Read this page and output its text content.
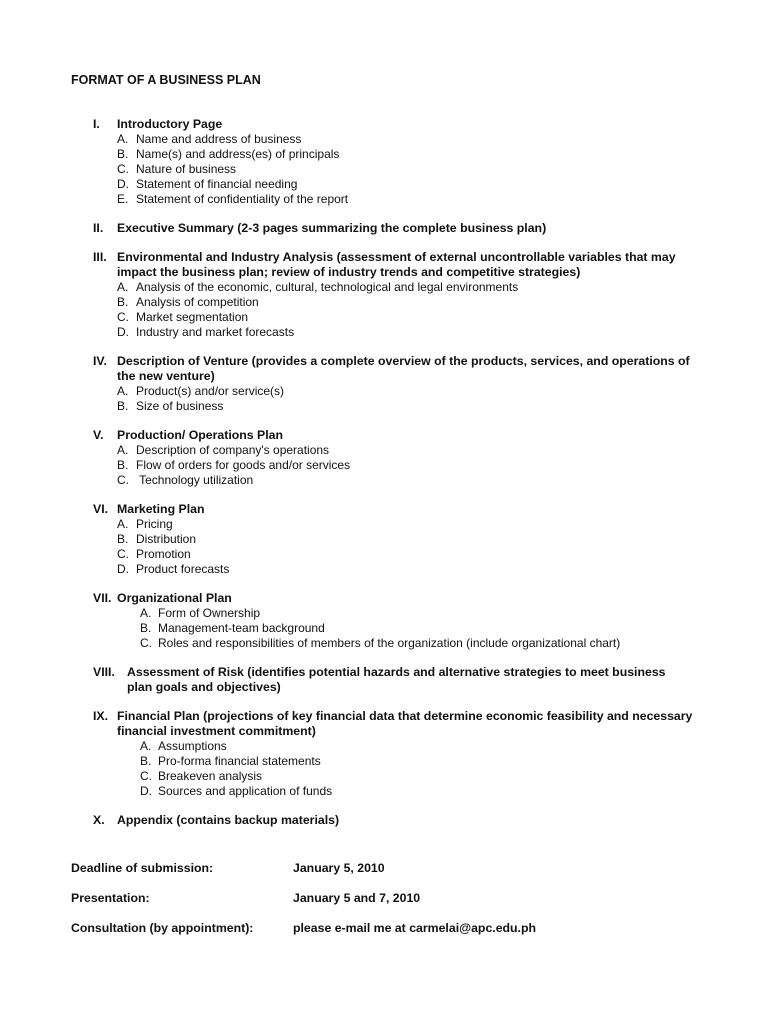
FORMAT OF A BUSINESS PLAN
I. Introductory Page
A. Name and address of business
B. Name(s) and address(es) of principals
C. Nature of business
D. Statement of financial needing
E. Statement of confidentiality of the report
II. Executive Summary (2-3 pages summarizing the complete business plan)
III. Environmental and Industry Analysis (assessment of external uncontrollable variables that may impact the business plan; review of industry trends and competitive strategies)
A. Analysis of the economic, cultural, technological and legal environments
B. Analysis of competition
C. Market segmentation
D. Industry and market forecasts
IV. Description of Venture (provides a complete overview of the products, services, and operations of the new venture)
A. Product(s) and/or service(s)
B. Size of business
V. Production/ Operations Plan
A. Description of company's operations
B. Flow of orders for goods and/or services
C. Technology utilization
VI. Marketing Plan
A. Pricing
B. Distribution
C. Promotion
D. Product forecasts
VII. Organizational Plan
A. Form of Ownership
B. Management-team background
C. Roles and responsibilities of members of the organization (include organizational chart)
VIII. Assessment of Risk (identifies potential hazards and alternative strategies to meet business plan goals and objectives)
IX. Financial Plan (projections of key financial data that determine economic feasibility and necessary financial investment commitment)
A. Assumptions
B. Pro-forma financial statements
C. Breakeven analysis
D. Sources and application of funds
X. Appendix (contains backup materials)
Deadline of submission:	January 5, 2010
Presentation:	January 5 and 7, 2010
Consultation (by appointment):	please e-mail me at carmelai@apc.edu.ph
